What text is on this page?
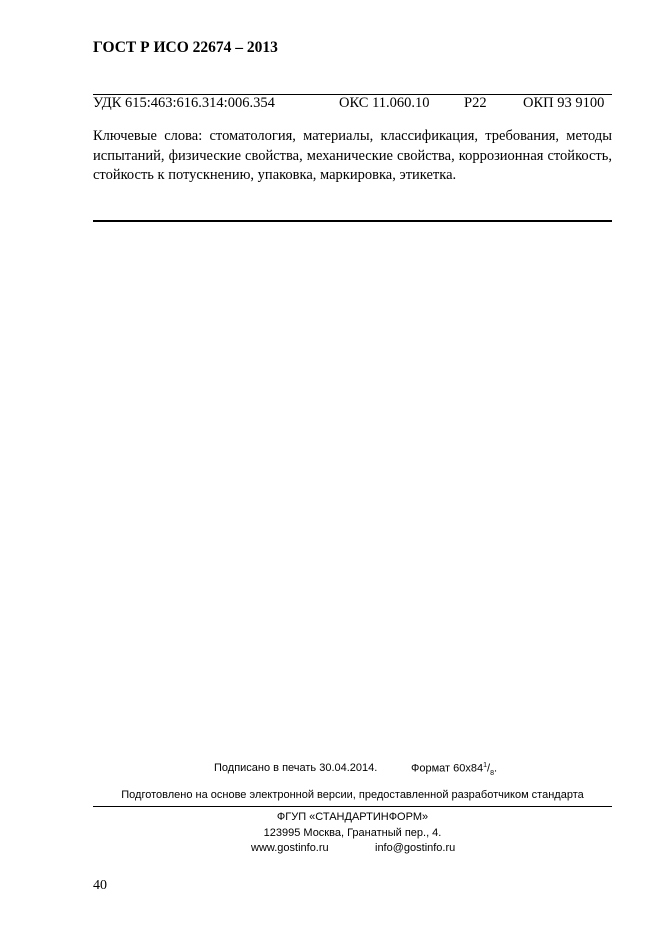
ГОСТ Р ИСО 22674 – 2013
УДК 615:463:616.314:006.354	ОКС 11.060.10 Р22	ОКП 93 9100
Ключевые слова: стоматология, материалы, классификация, требования, методы испытаний, физические свойства, механические свойства, коррозионная стойкость, стойкость к потускнению, упаковка, маркировка, этикетка.
Подписано в печать 30.04.2014.	Формат $60x84^1/_8$.
Подготовлено на основе электронной версии, предоставленной разработчиком стандарта
ФГУП «СТАНДАРТИНФОРМ»
123995 Москва, Гранатный пер., 4.
www.gostinfo.ru	info@gostinfo.ru
40
